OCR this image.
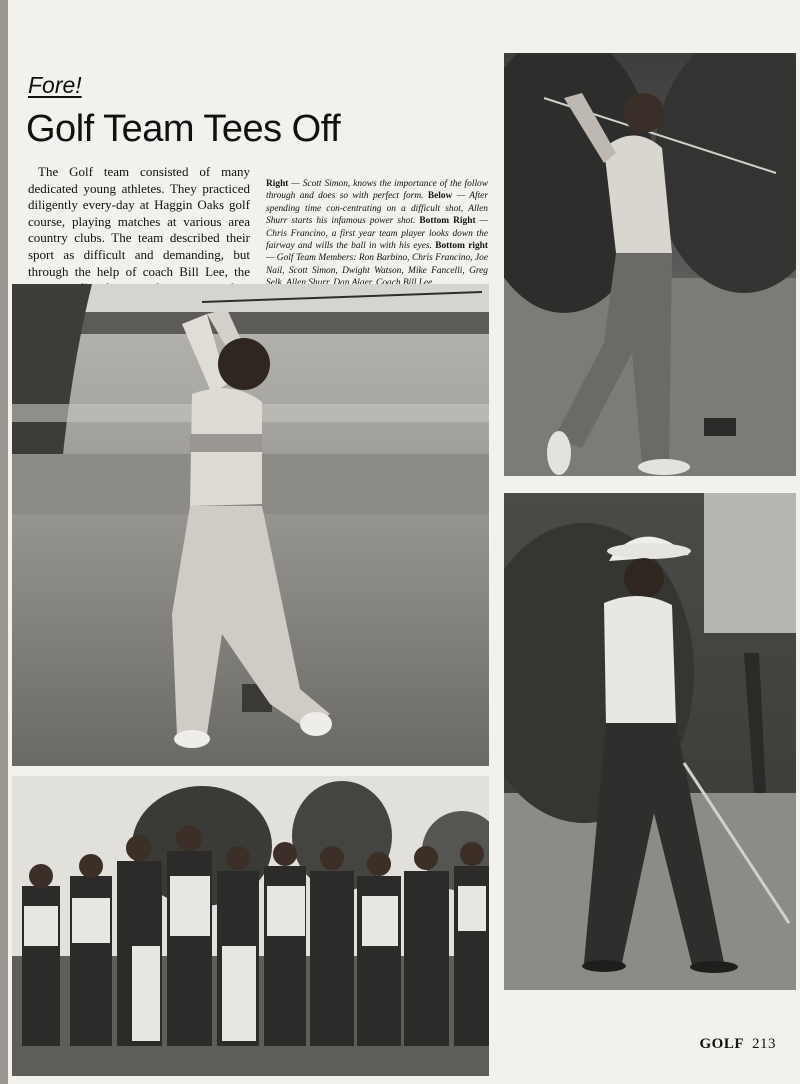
Fore!
Golf Team Tees Off

The Golf team consisted of many dedicated young athletes. They practiced diligently every-day at Haggin Oaks golf course, playing matches at various area country clubs. The team described their sport as difficult and demanding, but through the help of coach Bill Lee, the

Right — Scott Simon, knows the importance of the follow through and does so with perfect form. Below — After spending time con-centrating on a difficult shot, Allen Shurr starts his infamous power shot. Bottom Right — Chris Francino, a first year team player looks down the fairway and wills the ball in with his eyes. Bottom right — Golf Team Members: Ron Barbino, Chris Francino, Joe Nail, Scott Simon, Dwight Watson, Mike Fancelli, Greg

GOLF 213
